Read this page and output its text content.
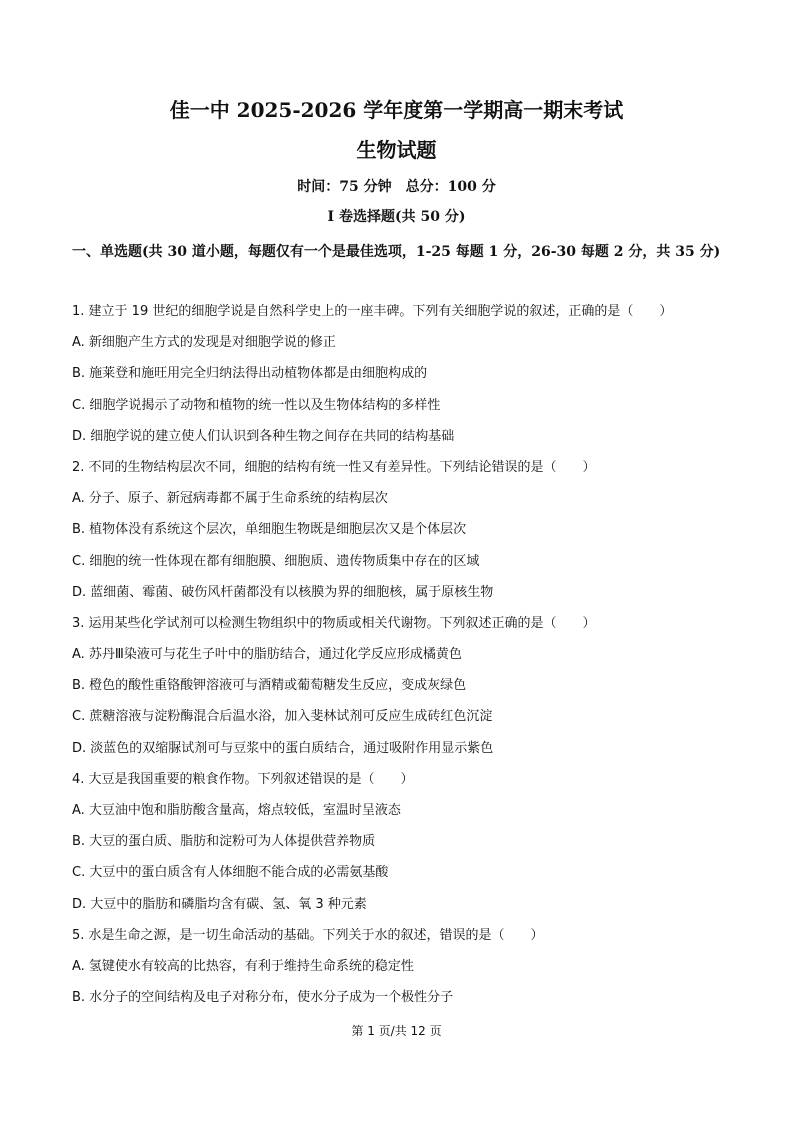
佳一中 2025-2026 学年度第一学期高一期末考试
生物试题
时间：75 分钟 总分：100 分
I 卷选择题(共 50 分)
一、单选题(共 30 道小题，每题仅有一个是最佳选项，1-25 每题 1 分，26-30 每题 2 分，共 35 分)
1. 建立于 19 世纪的细胞学说是自然科学史上的一座丰碑。下列有关细胞学说的叙述，正确的是（　　）
A. 新细胞产生方式的发现是对细胞学说的修正
B. 施莱登和施旺用完全归纳法得出动植物体都是由细胞构成的
C. 细胞学说揭示了动物和植物的统一性以及生物体结构的多样性
D. 细胞学说的建立使人们认识到各种生物之间存在共同的结构基础
2. 不同的生物结构层次不同，细胞的结构有统一性又有差异性。下列结论错误的是（　　）
A. 分子、原子、新冠病毒都不属于生命系统的结构层次
B. 植物体没有系统这个层次，单细胞生物既是细胞层次又是个体层次
C. 细胞的统一性体现在都有细胞膜、细胞质、遗传物质集中存在的区域
D. 蓝细菌、霉菌、破伤风杆菌都没有以核膜为界的细胞核，属于原核生物
3. 运用某些化学试剂可以检测生物组织中的物质或相关代谢物。下列叙述正确的是（　　）
A. 苏丹Ⅲ染液可与花生子叶中的脂肪结合，通过化学反应形成橘黄色
B. 橙色的酸性重铬酸钾溶液可与酒精或葡萄糖发生反应，变成灰绿色
C. 蔗糖溶液与淀粉酶混合后温水浴，加入斐林试剂可反应生成砖红色沉淀
D. 淡蓝色的双缩脲试剂可与豆浆中的蛋白质结合，通过吸附作用显示紫色
4. 大豆是我国重要的粮食作物。下列叙述错误的是（　　）
A. 大豆油中饱和脂肪酸含量高，熔点较低，室温时呈液态
B. 大豆的蛋白质、脂肪和淀粉可为人体提供营养物质
C. 大豆中的蛋白质含有人体细胞不能合成的必需氨基酸
D. 大豆中的脂肪和磷脂均含有碳、氢、氧 3 种元素
5. 水是生命之源，是一切生命活动的基础。下列关于水的叙述，错误的是（　　）
A. 氢键使水有较高的比热容，有利于维持生命系统的稳定性
B. 水分子的空间结构及电子对称分布，使水分子成为一个极性分子
第 1 页/共 12 页
